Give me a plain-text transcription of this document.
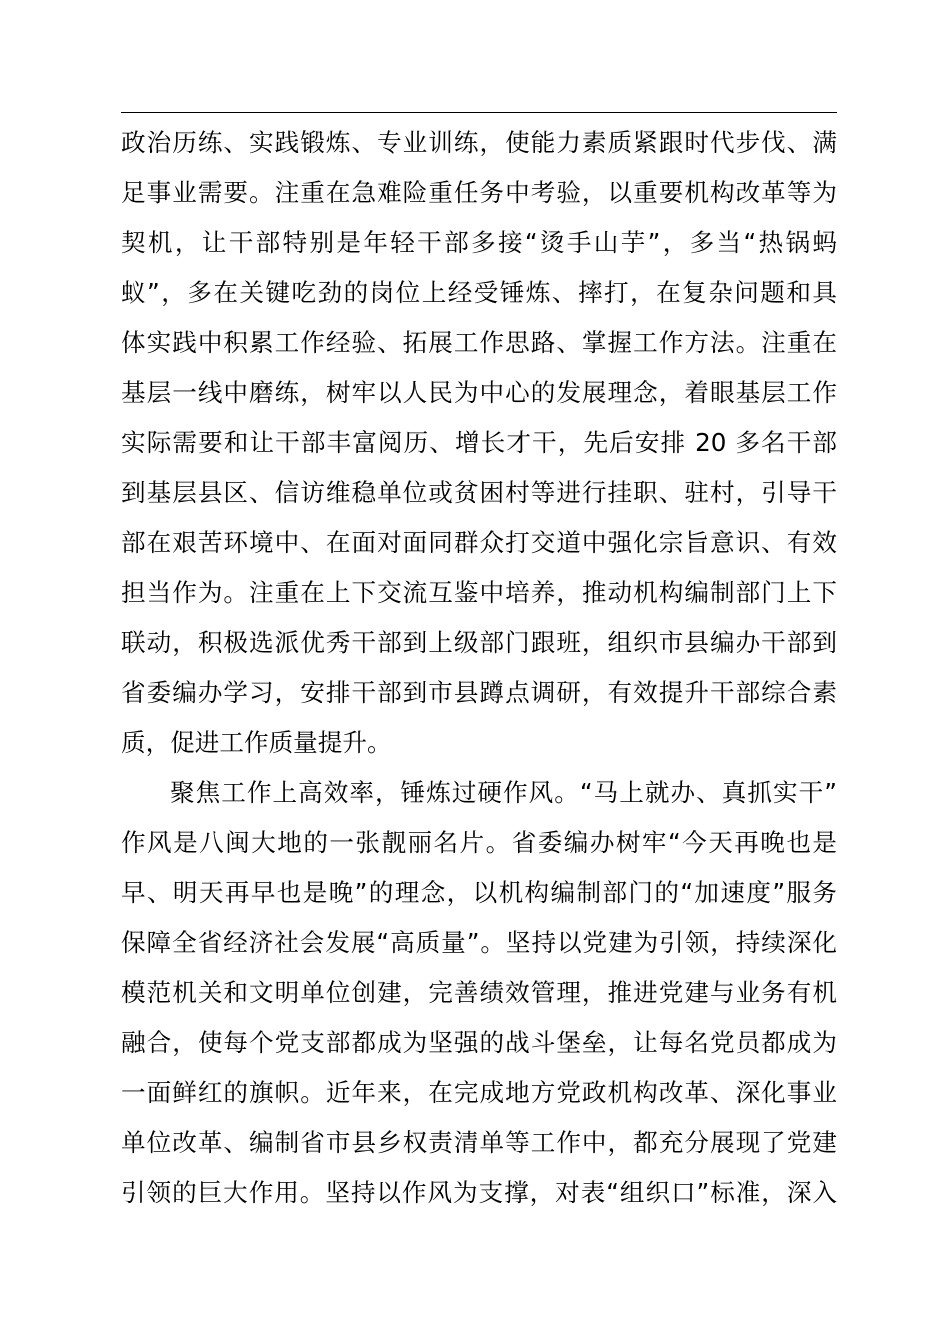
政治历练、实践锻炼、专业训练，使能力素质紧跟时代步伐、满
足事业需要。注重在急难险重任务中考验，以重要机构改革等为
契机，让干部特别是年轻干部多接“烫手山芋”，多当“热锅蚂
蚁”，多在关键吃劲的岗位上经受锤炼、摔打，在复杂问题和具
体实践中积累工作经验、拓展工作思路、掌握工作方法。注重在
基层一线中磨练，树牢以人民为中心的发展理念，着眼基层工作
实际需要和让干部丰富阅历、增长才干，先后安排 20 多名干部
到基层县区、信访维稳单位或贫困村等进行挂职、驻村，引导干
部在艰苦环境中、在面对面同群众打交道中强化宗旨意识、有效
担当作为。注重在上下交流互鉴中培养，推动机构编制部门上下
联动，积极选派优秀干部到上级部门跟班，组织市县编办干部到
省委编办学习，安排干部到市县蹲点调研，有效提升干部综合素
质，促进工作质量提升。
聚焦工作上高效率，锤炼过硬作风。“马上就办、真抓实干”
作风是八闽大地的一张靓丽名片。省委编办树牢“今天再晚也是
早、明天再早也是晚”的理念，以机构编制部门的“加速度”服务
保障全省经济社会发展“高质量”。坚持以党建为引领，持续深化
模范机关和文明单位创建，完善绩效管理，推进党建与业务有机
融合，使每个党支部都成为坚强的战斗堡垒，让每名党员都成为
一面鲜红的旗帜。近年来，在完成地方党政机构改革、深化事业
单位改革、编制省市县乡权责清单等工作中，都充分展现了党建
引领的巨大作用。坚持以作风为支撑，对表“组织口”标准，深入
